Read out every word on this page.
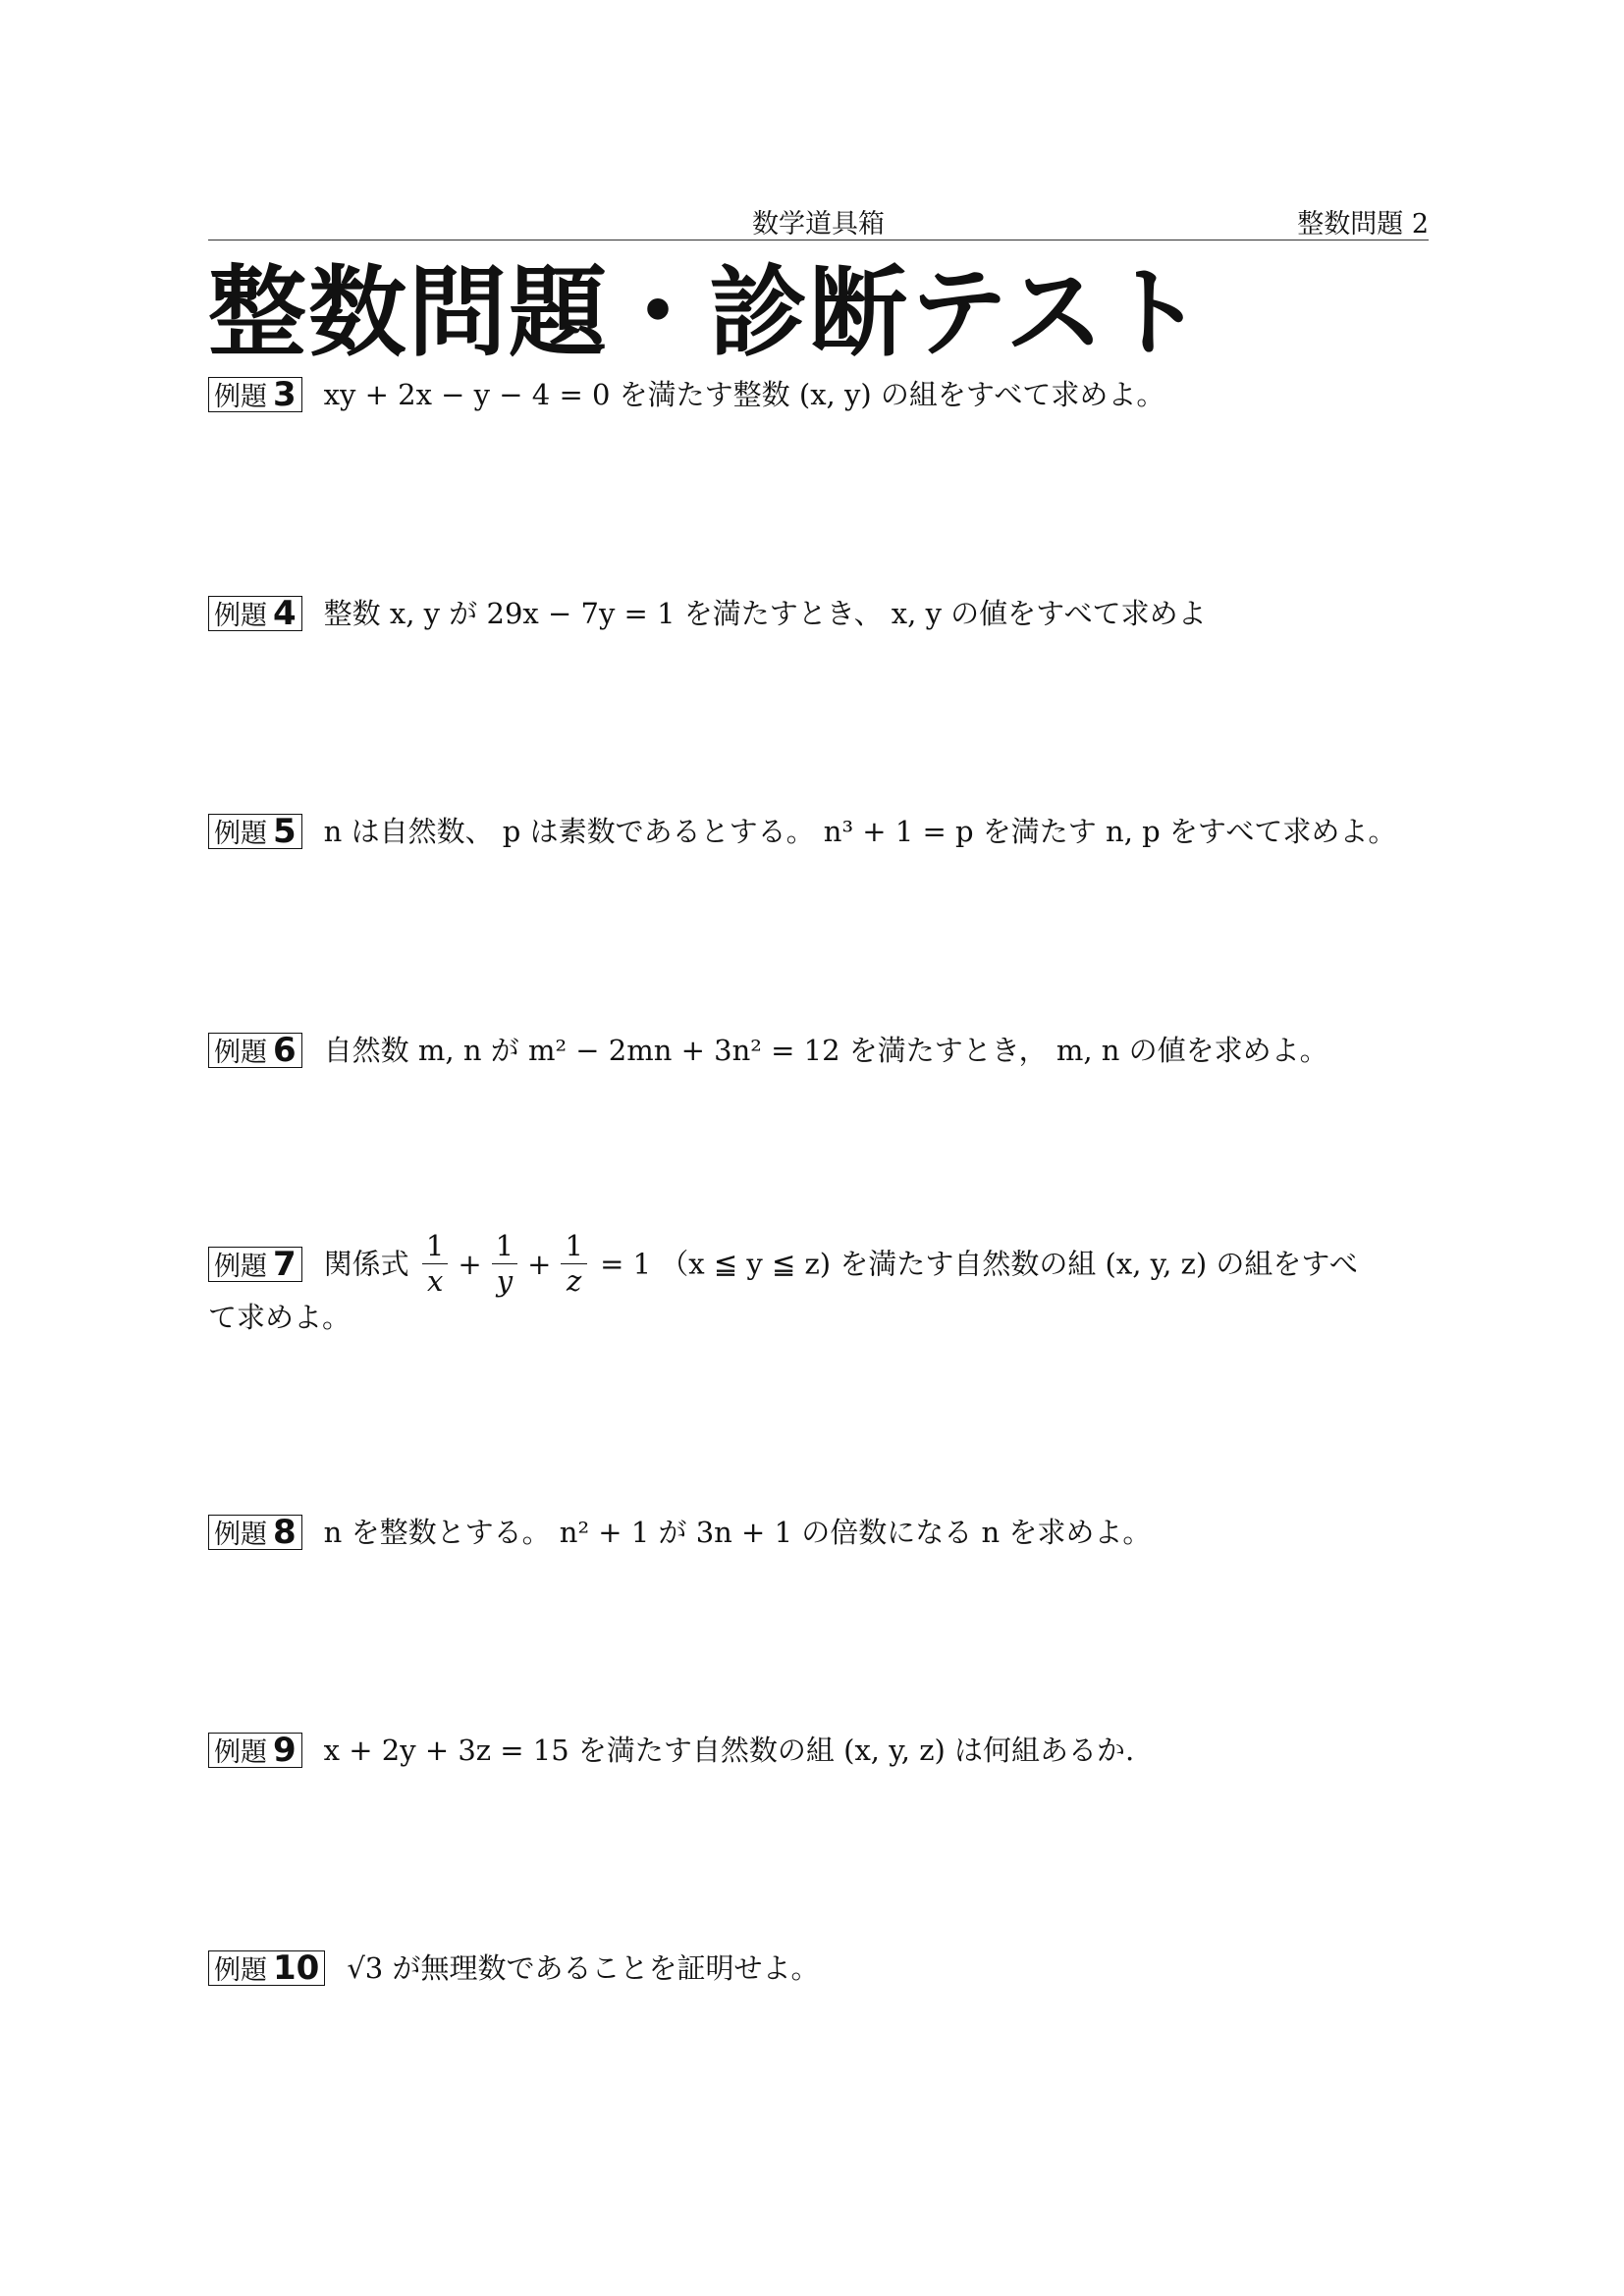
数学道具箱	整数問題 2
整数問題・診断テスト
例題 3 xy + 2x − y − 4 = 0 を満たす整数 (x, y) の組をすべて求めよ。
例題 4 整数 x, y が 29x − 7y = 1 を満たすとき、 x, y の値をすべて求めよ
例題 5 n は自然数、 p は素数であるとする。 n³ + 1 = p を満たす n, p をすべて求めよ。
例題 6 自然数 m, n が m² − 2mn + 3n² = 12 を満たすとき， m, n の値を求めよ。
例題 7 関係式 $\frac{1}{x} + \frac{1}{y} + \frac{1}{z} = 1$ （x ≦ y ≦ z) を満たす自然数の組 (x, y, z) の組をすべ
て求めよ。
例題 8 n を整数とする。 n² + 1 が 3n + 1 の倍数になる n を求めよ。
例題 9 x + 2y + 3z = 15 を満たす自然数の組 (x, y, z) は何組あるか.
例題 10 √3 が無理数であることを証明せよ。
